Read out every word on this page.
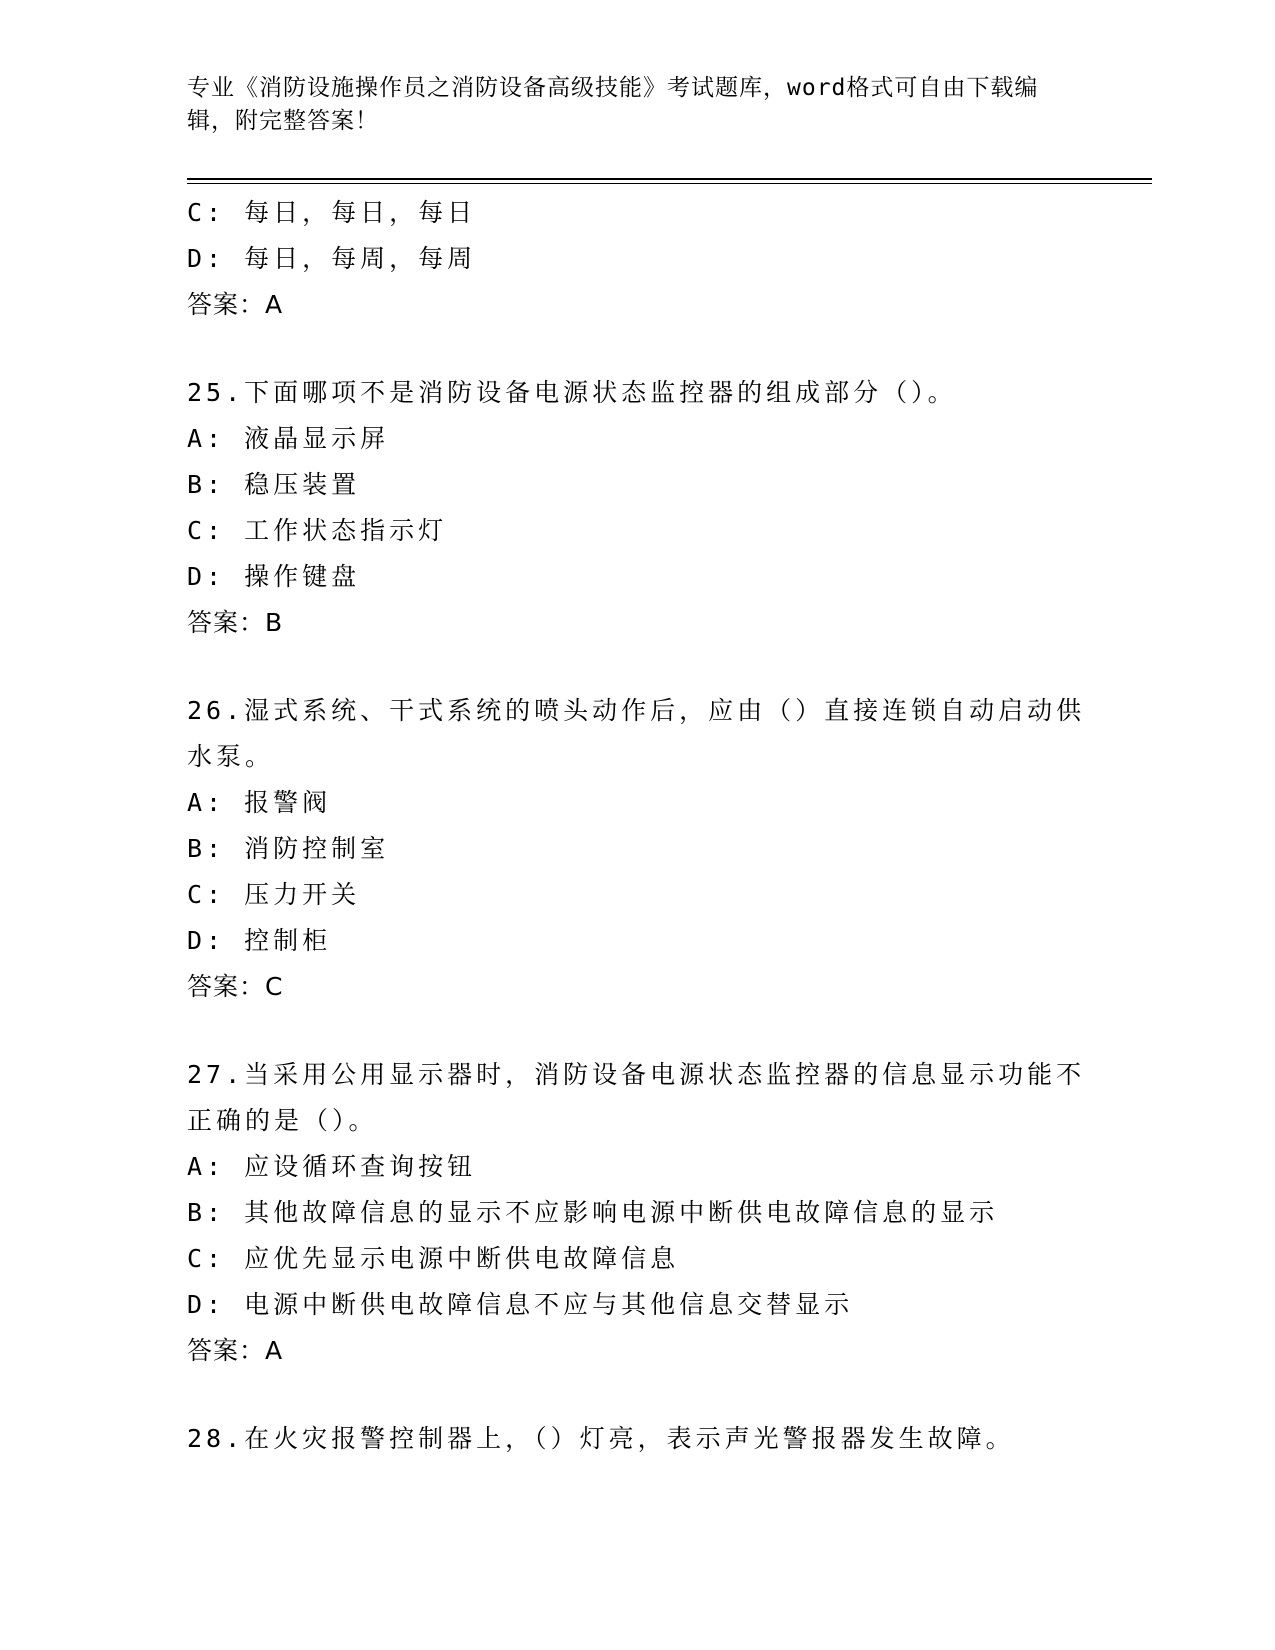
专业《消防设施操作员之消防设备高级技能》考试题库，word格式可自由下载编辑，附完整答案！
C: 每日，每日，每日
D: 每日，每周，每周
答案：A
25.下面哪项不是消防设备电源状态监控器的组成部分（）。
A: 液晶显示屏
B: 稳压装置
C: 工作状态指示灯
D: 操作键盘
答案：B
26.湿式系统、干式系统的喷头动作后，应由（）直接连锁自动启动供水泵。
A: 报警阀
B: 消防控制室
C: 压力开关
D: 控制柜
答案：C
27.当采用公用显示器时，消防设备电源状态监控器的信息显示功能不正确的是（）。
A: 应设循环查询按钮
B: 其他故障信息的显示不应影响电源中断供电故障信息的显示
C: 应优先显示电源中断供电故障信息
D: 电源中断供电故障信息不应与其他信息交替显示
答案：A
28.在火灾报警控制器上，（）灯亮，表示声光警报器发生故障。
